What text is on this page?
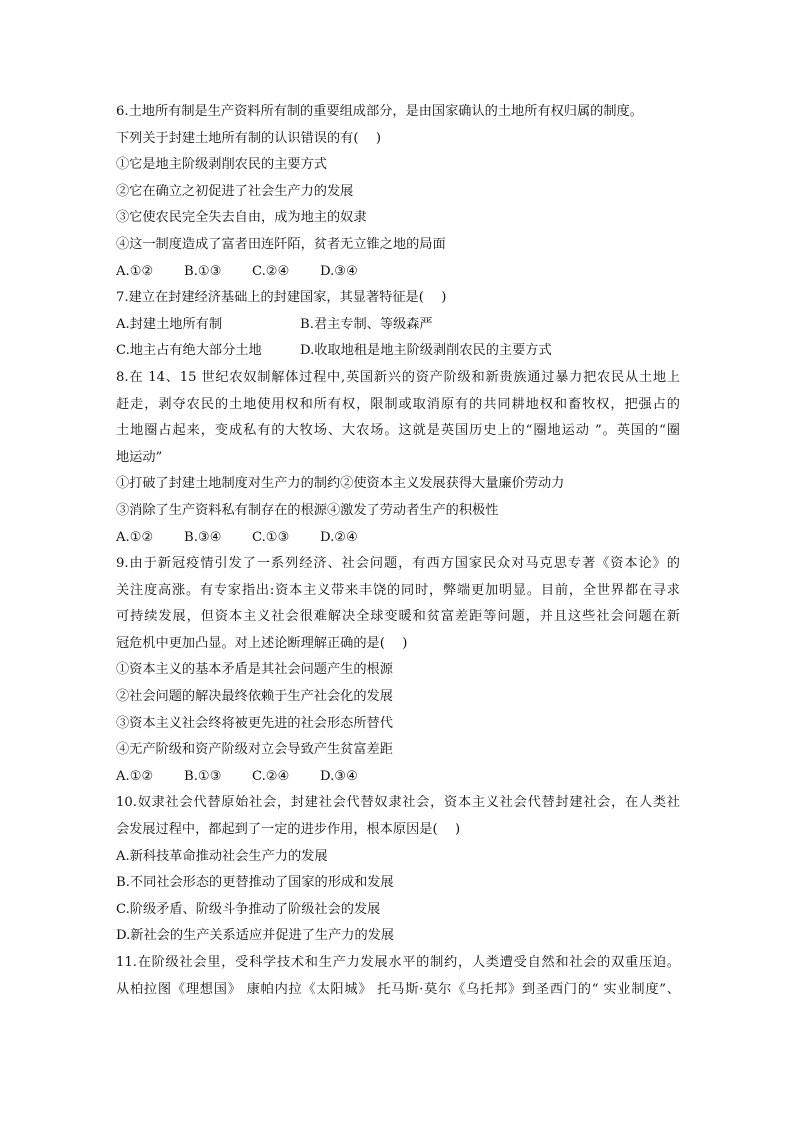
6.土地所有制是生产资料所有制的重要组成部分，是由国家确认的土地所有权归属的制度。
下列关于封建土地所有制的认识错误的有(　 )
①它是地主阶级剥削农民的主要方式
②它在确立之初促进了社会生产力的发展
③它使农民完全失去自由，成为地主的奴隶
④这一制度造成了富者田连阡陌，贫者无立锥之地的局面
A.①②	B.①③	C.②④	D.③④
7.建立在封建经济基础上的封建国家，其显著特征是(　 )
A.封建土地所有制	B.君主专制、等级森严
C.地主占有绝大部分土地	D.收取地租是地主阶级剥削农民的主要方式
8.在 14、15 世纪农奴制解体过程中,英国新兴的资产阶级和新贵族通过暴力把农民从土地上
赶走，剥夺农民的土地使用权和所有权，限制或取消原有的共同耕地权和畜牧权，把强占的
土地圈占起来，变成私有的大牧场、大农场。这就是英国历史上的“圈地运动 ”。英国的“圈
地运动”
①打破了封建土地制度对生产力的制约②使资本主义发展获得大量廉价劳动力
③消除了生产资料私有制存在的根源④激发了劳动者生产的积极性
A.①②	B.③④	C.①③	D.②④
9.由于新冠疫情引发了一系列经济、社会问题，有西方国家民众对马克思专著《资本论》的
关注度高涨。有专家指出:资本主义带来丰饶的同时，弊端更加明显。目前，全世界都在寻求
可持续发展，但资本主义社会很难解决全球变暖和贫富差距等问题，并且这些社会问题在新
冠危机中更加凸显。对上述论断理解正确的是(　 )
①资本主义的基本矛盾是其社会问题产生的根源
②社会问题的解决最终依赖于生产社会化的发展
③资本主义社会终将被更先进的社会形态所替代
④无产阶级和资产阶级对立会导致产生贫富差距
A.①②	B.①③	C.②④	D.③④
10.奴隶社会代替原始社会，封建社会代替奴隶社会，资本主义社会代替封建社会，在人类社
会发展过程中，都起到了一定的进步作用，根本原因是(　 )
A.新科技革命推动社会生产力的发展
B.不同社会形态的更替推动了国家的形成和发展
C.阶级矛盾、阶级斗争推动了阶级社会的发展
D.新社会的生产关系适应并促进了生产力的发展
11.在阶级社会里，受科学技术和生产力发展水平的制约，人类遭受自然和社会的双重压迫。
从柏拉图《理想国》 康帕内拉《太阳城》 托马斯·莫尔《乌托邦》到圣西门的“ 实业制度”、
